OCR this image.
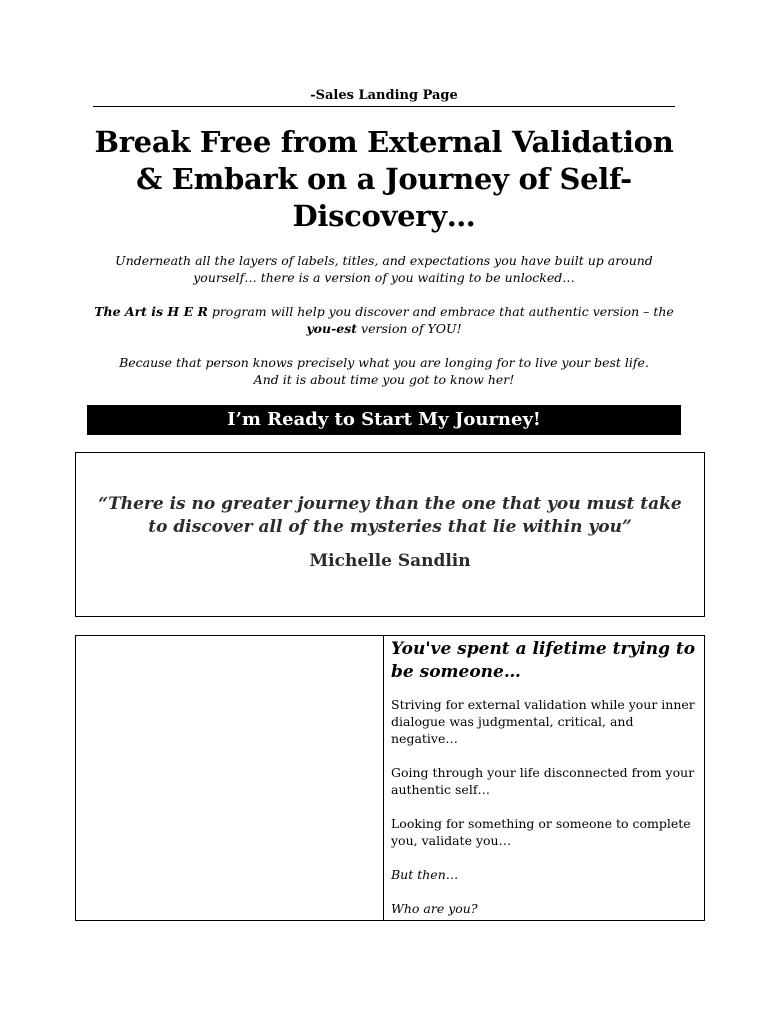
-Sales Landing Page
Break Free from External Validation & Embark on a Journey of Self-Discovery…

Underneath all the layers of labels, titles, and expectations you have built up around yourself… there is a version of you waiting to be unlocked…

The Art is H E R program will help you discover and embrace that authentic version – the you-est version of YOU!

Because that person knows precisely what you are longing for to live your best life.
And it is about time you got to know her!

I’m Ready to Start My Journey!
“There is no greater journey than the one that you must take to discover all of the mysteries that lie within you”
Michelle Sandlin
You've spent a lifetime trying to be someone…

Striving for external validation while your inner dialogue was judgmental, critical, and negative…

Going through your life disconnected from your authentic self…

Looking for something or someone to complete you, validate you…

But then…

Who are you?
